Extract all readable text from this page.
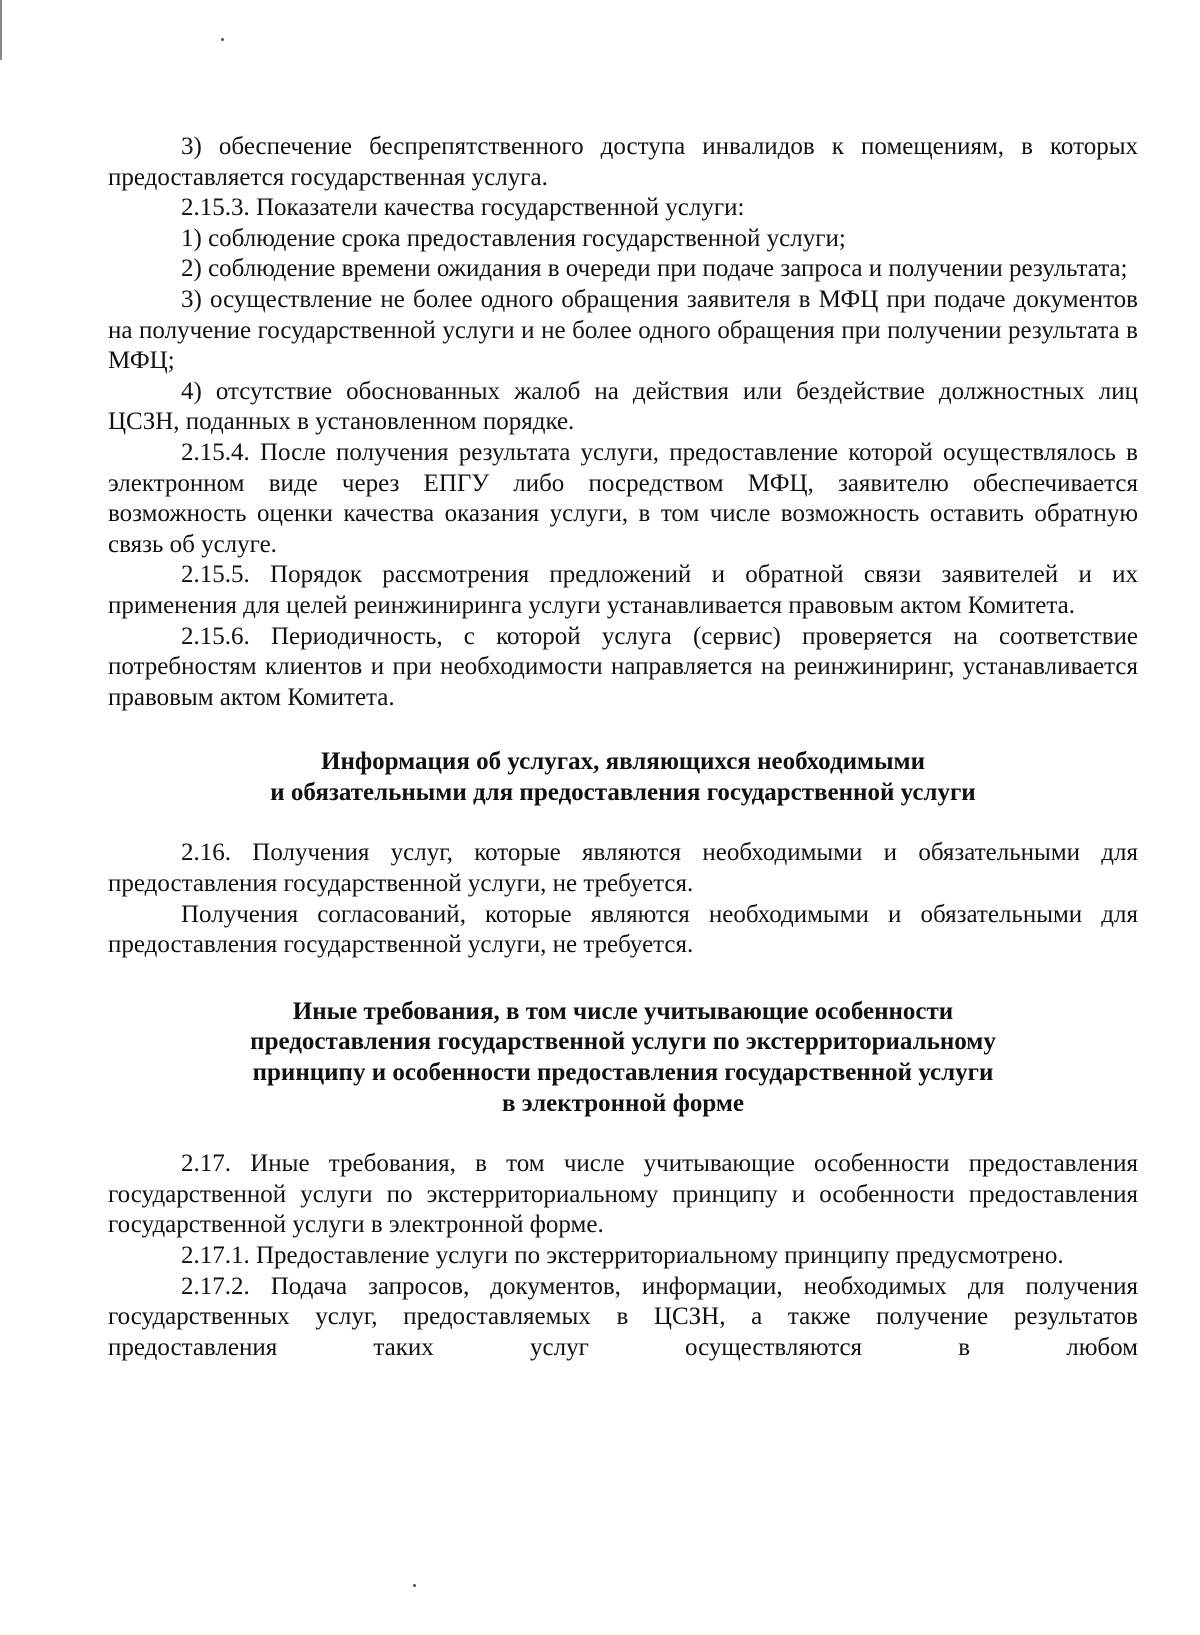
3) обеспечение беспрепятственного доступа инвалидов к помещениям, в которых предоставляется государственная услуга.

2.15.3. Показатели качества государственной услуги:

1) соблюдение срока предоставления государственной услуги;

2) соблюдение времени ожидания в очереди при подаче запроса и получении результата;

3) осуществление не более одного обращения заявителя в МФЦ при подаче документов на получение государственной услуги и не более одного обращения при получении результата в МФЦ;

4) отсутствие обоснованных жалоб на действия или бездействие должностных лиц ЦСЗН, поданных в установленном порядке.

2.15.4. После получения результата услуги, предоставление которой осуществлялось в электронном виде через ЕПГУ либо посредством МФЦ, заявителю обеспечивается возможность оценки качества оказания услуги, в том числе возможность оставить обратную связь об услуге.

2.15.5. Порядок рассмотрения предложений и обратной связи заявителей и их применения для целей реинжиниринга услуги устанавливается правовым актом Комитета.

2.15.6. Периодичность, с которой услуга (сервис) проверяется на соответствие потребностям клиентов и при необходимости направляется на реинжиниринг, устанавливается правовым актом Комитета.

Информация об услугах, являющихся необходимыми
и обязательными для предоставления государственной услуги

2.16. Получения услуг, которые являются необходимыми и обязательными для предоставления государственной услуги, не требуется.

Получения согласований, которые являются необходимыми и обязательными для предоставления государственной услуги, не требуется.

Иные требования, в том числе учитывающие особенности
предоставления государственной услуги по экстерриториальному
принципу и особенности предоставления государственной услуги
в электронной форме

2.17. Иные требования, в том числе учитывающие особенности предоставления государственной услуги по экстерриториальному принципу и особенности предоставления государственной услуги в электронной форме.

2.17.1. Предоставление услуги по экстерриториальному принципу предусмотрено.

2.17.2. Подача запросов, документов, информации, необходимых для получения государственных услуг, предоставляемых в ЦСЗН, а также получение результатов предоставления таких услуг осуществляются в любом
